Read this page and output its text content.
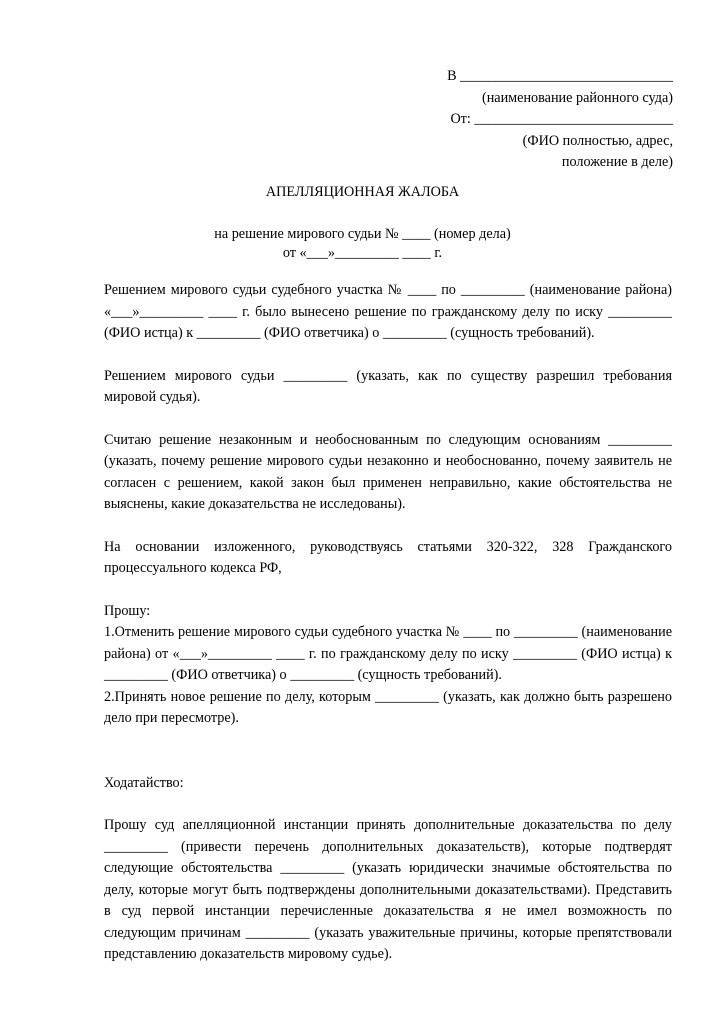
В ______________________________
(наименование районного суда)
От: ____________________________
(ФИО полностью, адрес,
положение в деле)
АПЕЛЛЯЦИОННАЯ ЖАЛОБА
на решение мирового судьи № ____ (номер дела)
от «___»_________ ____ г.

Решением мирового судьи судебного участка № ____ по _________ (наименование района) «___»_________ ____ г. было вынесено решение по гражданскому делу по иску _________ (ФИО истца) к _________ (ФИО ответчика) о _________ (сущность требований).

Решением мирового судьи _________ (указать, как по существу разрешил требования мировой судья).

Считаю решение незаконным и необоснованным по следующим основаниям _________ (указать, почему решение мирового судьи незаконно и необоснованно, почему заявитель не согласен с решением, какой закон был применен неправильно, какие обстоятельства не выяснены, какие доказательства не исследованы).

На основании изложенного, руководствуясь статьями 320-322, 328 Гражданского процессуального кодекса РФ,

Прошу:

1.Отменить решение мирового судьи судебного участка № ____ по _________ (наименование района) от «___»_________ ____ г. по гражданскому делу по иску _________ (ФИО истца) к _________ (ФИО ответчика) о _________ (сущность требований).

2.Принять новое решение по делу, которым _________ (указать, как должно быть разрешено дело при пересмотре).

Ходатайство:

Прошу суд апелляционной инстанции принять дополнительные доказательства по делу _________ (привести перечень дополнительных доказательств), которые подтвердят следующие обстоятельства _________ (указать юридически значимые обстоятельства по делу, которые могут быть подтверждены дополнительными доказательствами). Представить в суд первой инстанции перечисленные доказательства я не имел возможность по следующим причинам _________ (указать уважительные причины, которые препятствовали представлению доказательств мировому судье).
